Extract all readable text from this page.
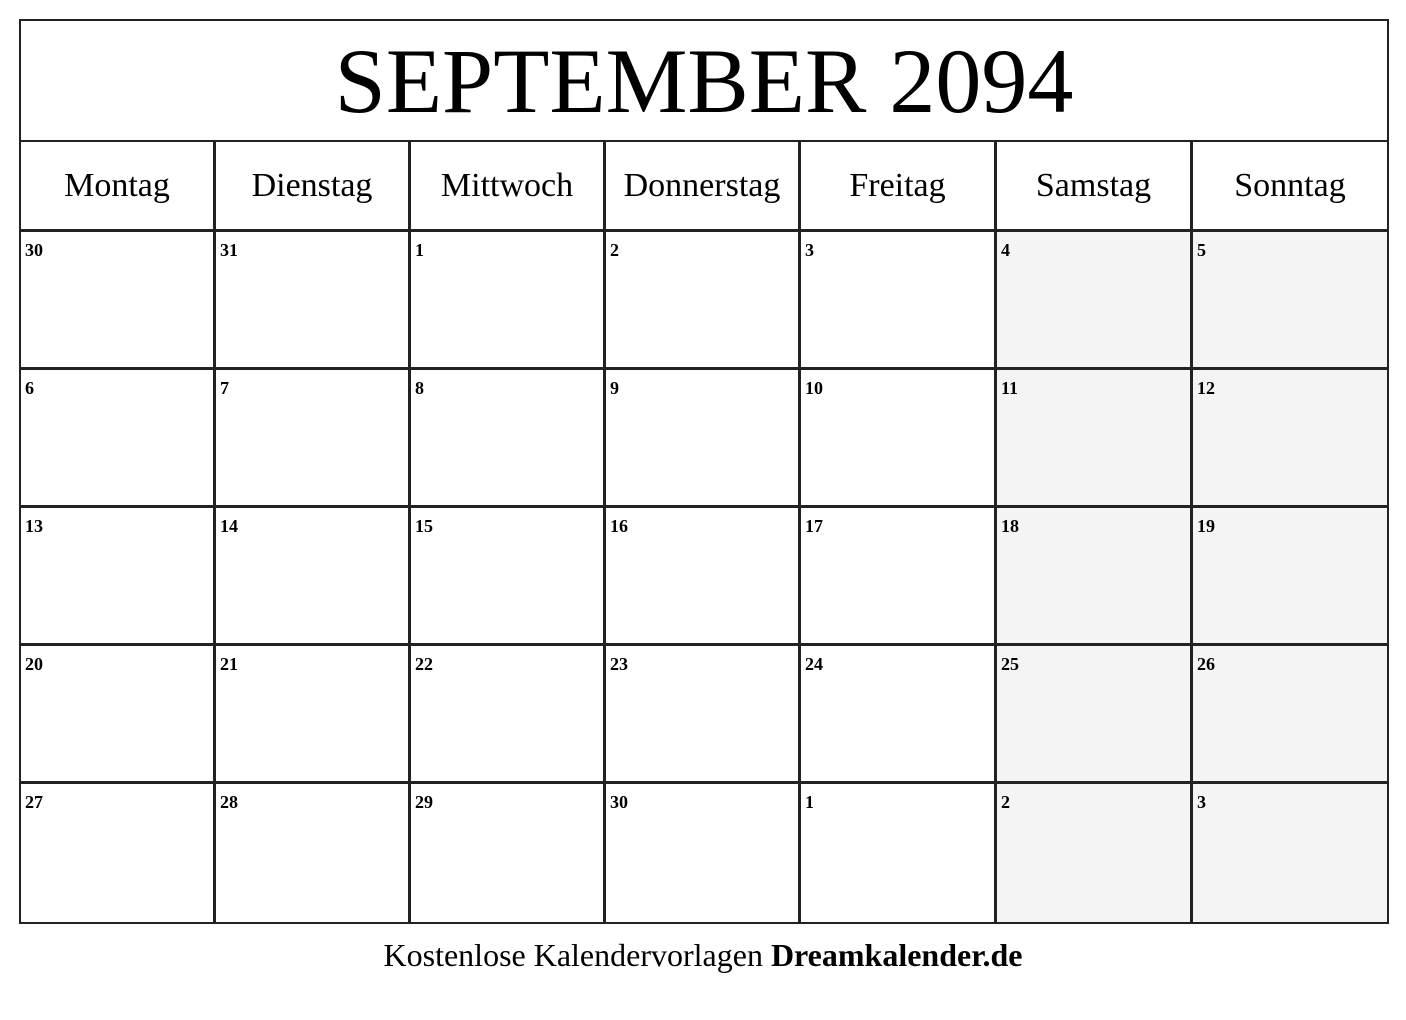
SEPTEMBER 2094
Montag	Dienstag	Mittwoch	Donnerstag	Freitag	Samstag	Sonntag
30	31	1	2	3	4	5
6	7	8	9	10	11	12
13	14	15	16	17	18	19
20	21	22	23	24	25	26
27	28	29	30	1	2	3
Kostenlose Kalendervorlagen Dreamkalender.de
